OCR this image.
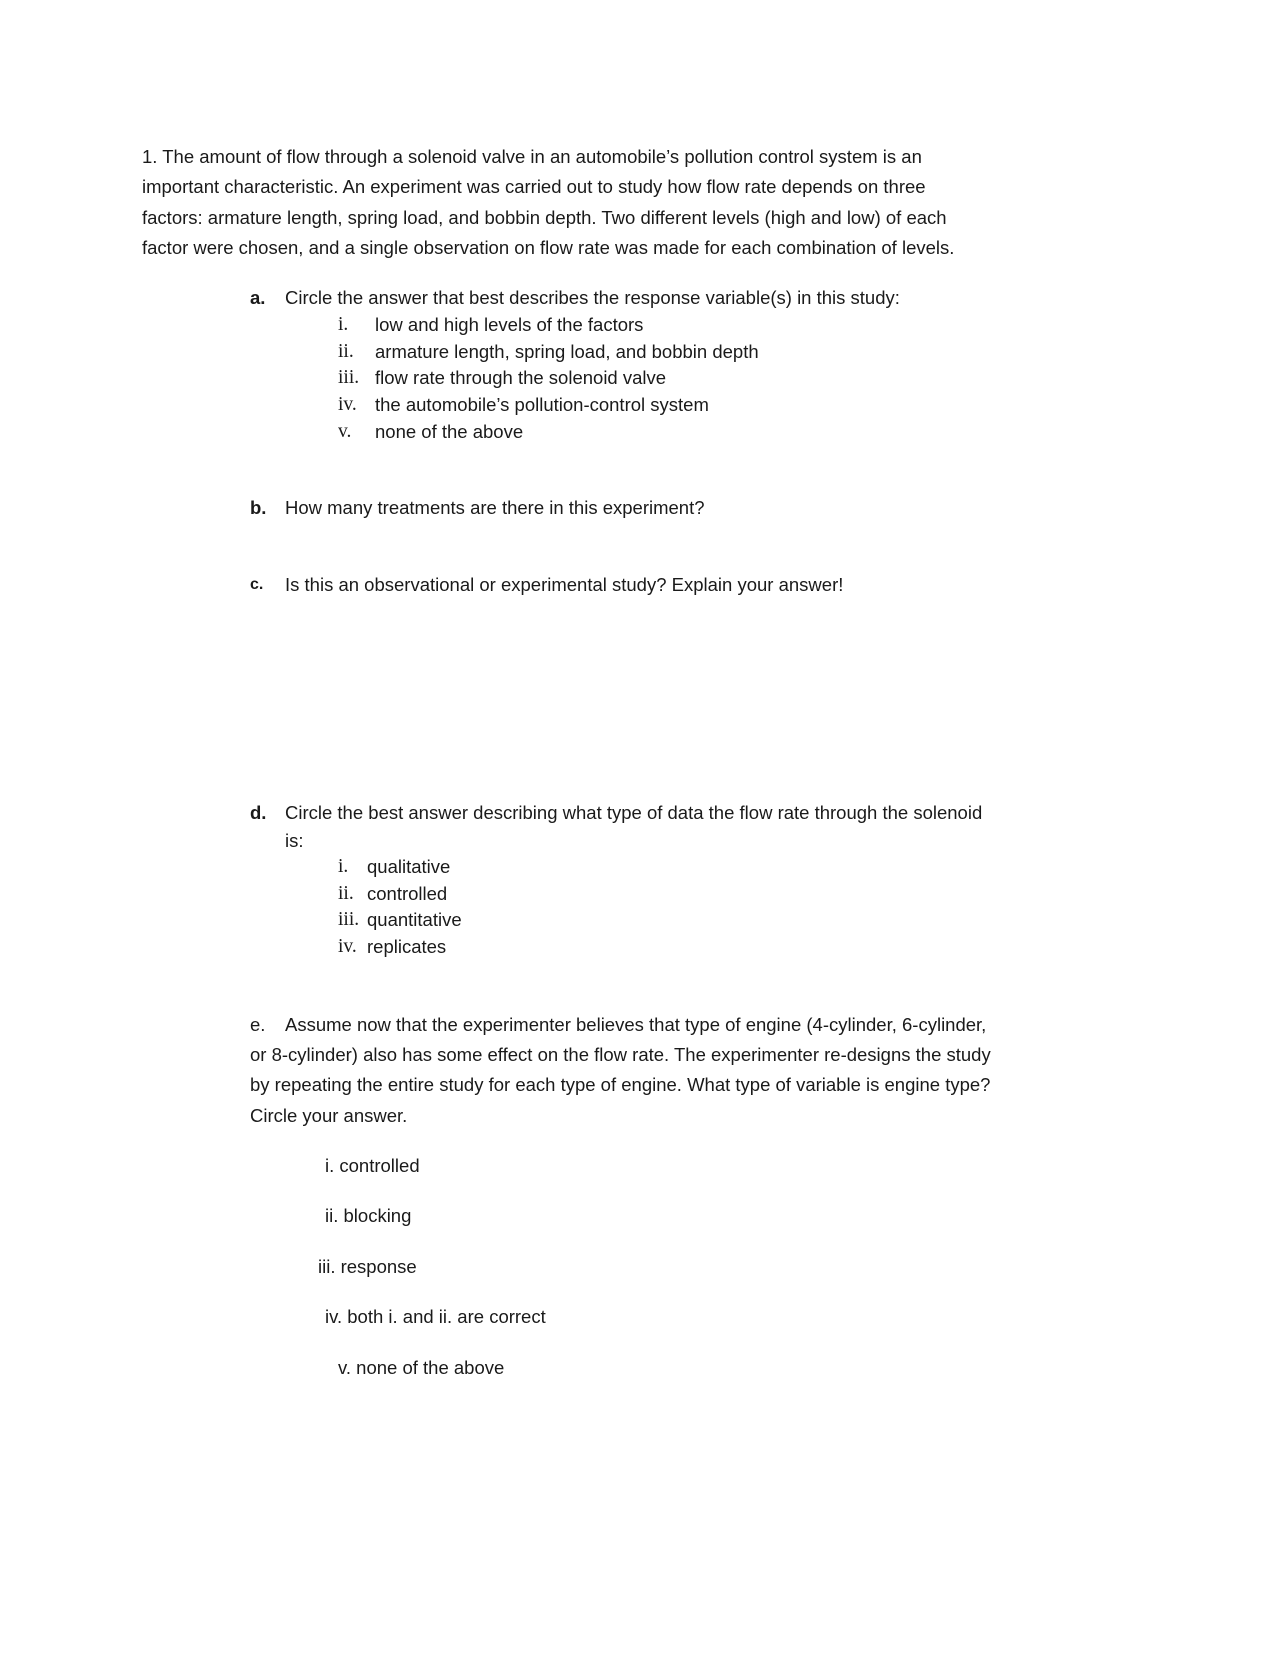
1. The amount of flow through a solenoid valve in an automobile’s pollution control system is an
important characteristic. An experiment was carried out to study how flow rate depends on three
factors: armature length, spring load, and bobbin depth. Two different levels (high and low) of each
factor were chosen, and a single observation on flow rate was made for each combination of levels.
a. Circle the answer that best describes the response variable(s) in this study:
i. low and high levels of the factors
ii. armature length, spring load, and bobbin depth
iii. flow rate through the solenoid valve
iv. the automobile’s pollution-control system
v. none of the above
b. How many treatments are there in this experiment?
c. Is this an observational or experimental study? Explain your answer!
d. Circle the best answer describing what type of data the flow rate through the solenoid
is:
i. qualitative
ii. controlled
iii. quantitative
iv. replicates
e. Assume now that the experimenter believes that type of engine (4-cylinder, 6-cylinder,
or 8-cylinder) also has some effect on the flow rate. The experimenter re-designs the study
by repeating the entire study for each type of engine. What type of variable is engine type?
Circle your answer.
i. controlled
ii. blocking
iii. response
iv. both i. and ii. are correct
v. none of the above
